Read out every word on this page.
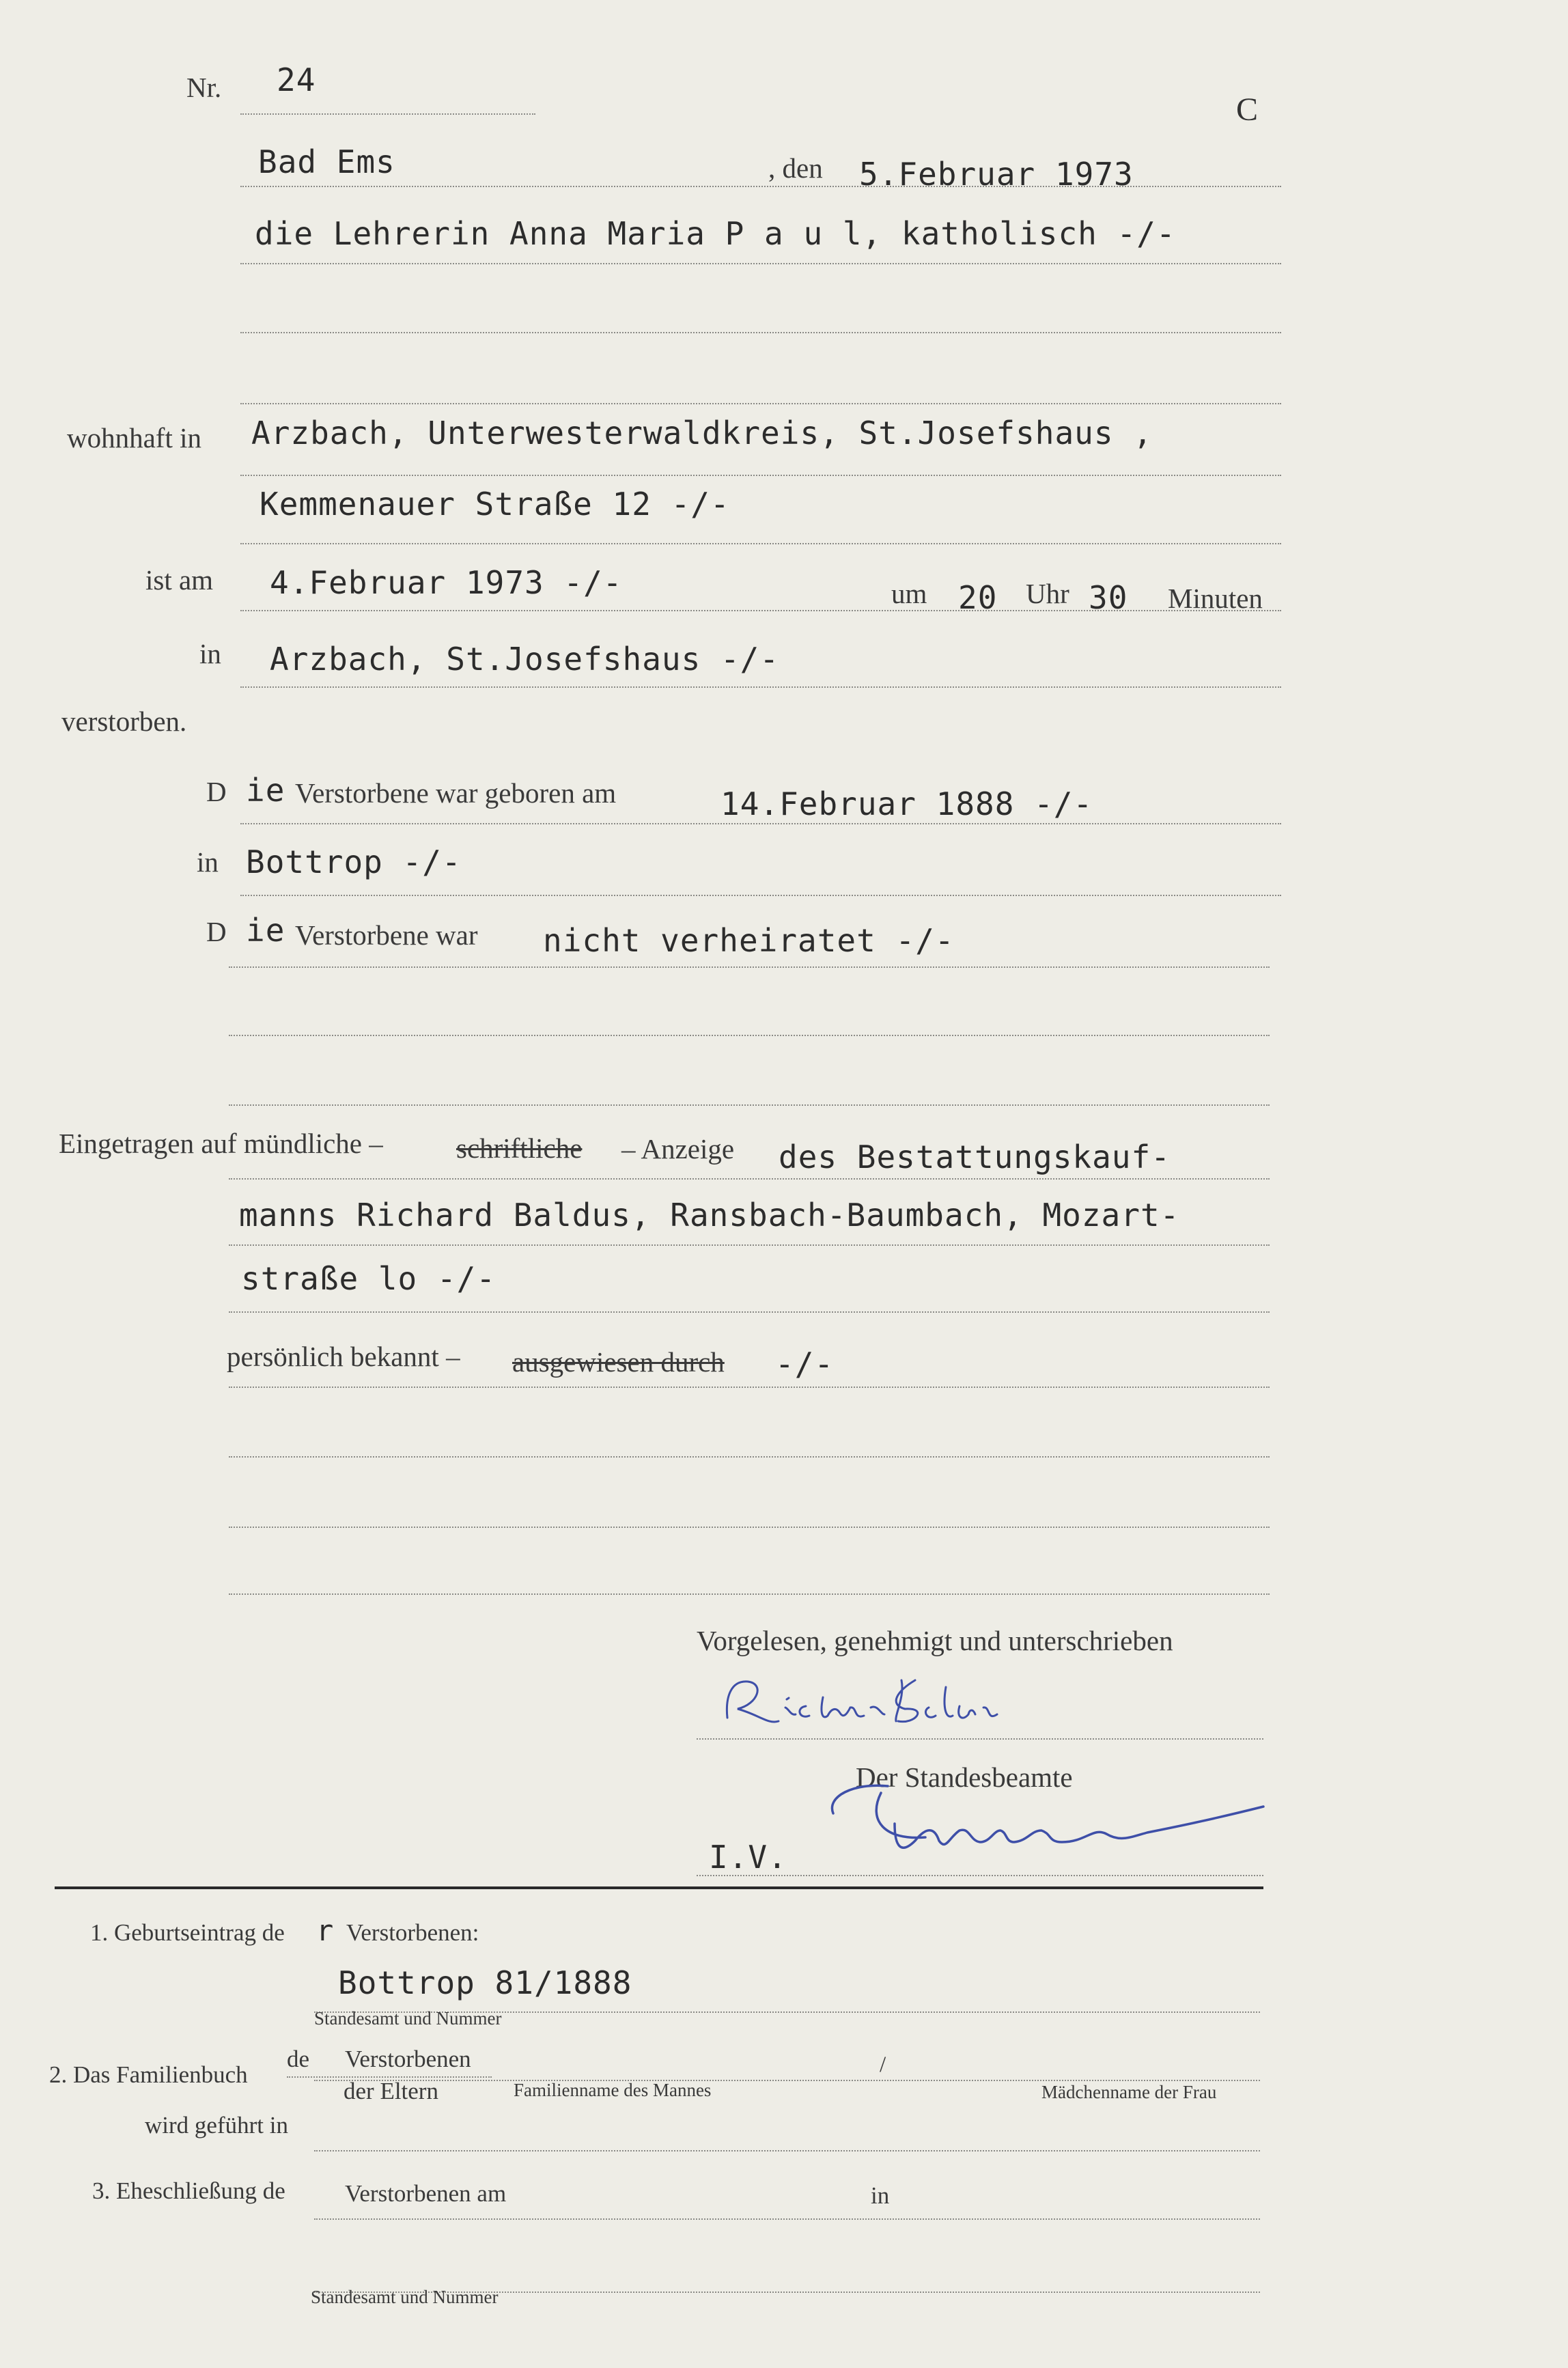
Nr. 24
C
Bad Ems	, den 5.Februar 1973
die Lehrerin Anna Maria P a u l, katholisch -/-
wohnhaft in Arzbach, Unterwesterwaldkreis, St.Josefshaus ,
Kemmenauer Straße 12 -/-
ist am 4.Februar 1973 -/-	um 20 Uhr 30 Minuten
in Arzbach, St.Josefshaus -/-
verstorben.
D ie Verstorbene war geboren am	14.Februar 1888 -/-
in Bottrop -/-
D ie Verstorbene war nicht verheiratet -/-
Eingetragen auf mündliche –	schriftliche – Anzeige des Bestattungskauf-
manns Richard Baldus, Ransbach-Baumbach, Mozart-
straße lo -/-
persönlich bekannt – ausgewiesen durch -/-
Vorgelesen, genehmigt und unterschrieben
Der Standesbeamte
I.V.
1. Geburtseintrag de r Verstorbenen:
Bottrop 81/1888
Standesamt und Nummer
2. Das Familienbuch
de Verstorbenen	/
der Eltern	Familienname des Mannes	Mädchenname der Frau
wird geführt in
3. Eheschließung de Verstorbenen am	in
Standesamt und Nummer
